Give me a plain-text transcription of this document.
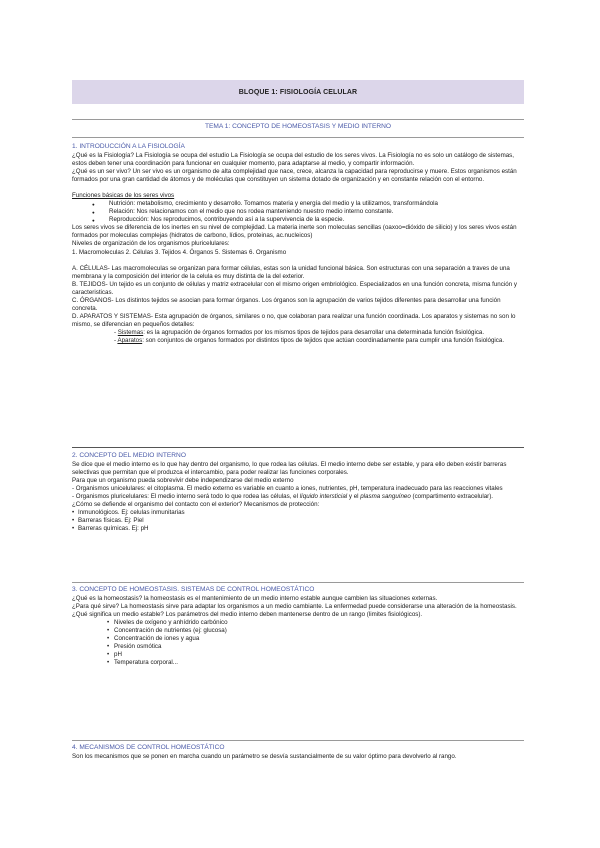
BLOQUE 1: FISIOLOGÍA CELULAR
TEMA 1: CONCEPTO DE HOMEOSTASIS Y MEDIO INTERNO
1. INTRODUCCIÓN A LA FISIOLOGÍA

¿Qué es la Fisiología? La Fisiología se ocupa del estudio La Fisiología se ocupa del estudio de los seres vivos. La Fisiología no es solo un catálogo de sistemas, estos deben tener una coordinación para funcionar en cualquier momento, para adaptarse al medio, y compartir información.

¿Qué es un ser vivo? Un ser vivo es un organismo de alta complejidad que nace, crece, alcanza la capacidad para reproducirse y muere. Estos organismos están formados por una gran cantidad de átomos y de moléculas que constituyen un sistema dotado de organización y en constante relación con el entorno.

Funciones básicas de los seres vivos

● Nutrición: metabolismo, crecimiento y desarrollo. Tomamos materia y energía del medio y la utilizamos, transformándola
● Relación: Nos relacionamos con el medio que nos rodea manteniendo nuestro medio interno constante.
● Reproducción: Nos reproducimos, contribuyendo así a la supervivencia de la especie.

Los seres vivos se diferencia de los inertes en su nivel de complejidad. La materia inerte son moleculas sencillas (oaxoo=dióxido de silicio) y los seres vivos están formados por moleculas complejas (hidratos de carbono, lídios, proteinas, ac.nucleicos)

Niveles de organización de los organismos pluricelulares:

1. Macromoleculas 2. Células 3. Tejidos 4. Órganos 5. Sistemas 6. Organismo

A. CÉLULAS- Las macromoleculas se organizan para formar células, estas son la unidad funcional básica. Son estructuras con una separación a traves de una membrana y la composición del interior de la celula es muy distinta de la del exterior.

B. TEJIDOS- Un tejido es un conjunto de células y matriz extracelular con el mismo origen embriológico. Especializados en una función concreta, misma función y caracteristicas.

C. ÓRGANOS- Los distintos tejidos se asocian para formar órganos. Los órganos son la agrupación de varios tejidos diferentes para desarrollar una función concreta.

D. APARATOS Y SISTEMAS- Esta agrupación de órganos, similares o no, que colaboran para realizar una función coordinada. Los aparatos y sistemas no son lo mismo, se diferencian en pequeños detalles:

- Sistemas: es la agrupación de órganos formados por los mismos tipos de tejidos para desarrollar una determinada función fisiológica.

- Aparatos: son conjuntos de organos formados por distintos tipos de tejidos que actúan coordinadamente para cumplir una función fisiológica.

2. CONCEPTO DEL MEDIO INTERNO

Se dice que el medio interno es lo que hay dentro del organismo, lo que rodea las células. El medio interno debe ser estable, y para ello deben existir barreras selectivas que permitan que el produzca el intercambio, para poder realizar las funciones corporales.

Para que un organismo pueda sobrevivir debe independizarse del medio externo

- Organismos unicelulares: el citoplasma. El medio externo es variable en cuanto a iones, nutrientes, pH, temperatura inadecuado para las reacciones vitales

- Organismos pluricelulares: El medio interno será todo lo que rodea las células, el líquido intersticial y el plasma sanguíneo (compartimento extracelular).

¿Cómo se defiende el organismo del contacto con el exterior? Mecanismos de protección:

• Inmunológicos. Ej: celulas inmunitarias
• Barreras físicas. Ej: Piel
• Barreras químicas. Ej: pH
3. CONCEPTO DE HOMEOSTASIS. SISTEMAS DE CONTROL HOMEOSTÁTICO

¿Qué es la homeostasis? la homeostasis es el mantenimiento de un medio interno estable aunque cambien las situaciones externas.

¿Para qué sirve? La homeostasis sirve para adaptar los organismos a un medio cambiante. La enfermedad puede considerarse una alteración de la homeostasis.

¿Qué significa un medio estable? Los parámetros del medio interno deben mantenerse dentro de un rango (limites fisiológicos).

• Niveles de oxígeno y anhídrido carbónico
• Concentración de nutrientes (ej: glucosa)
• Concentración de iones y agua
• Presión osmótica
• pH
• Temperatura corporal...
4. MECANISMOS DE CONTROL HOMEOSTÁTICO

Son los mecanismos que se ponen en marcha cuando un parámetro se desvía sustancialmente de su valor óptimo para devolverlo al rango.
